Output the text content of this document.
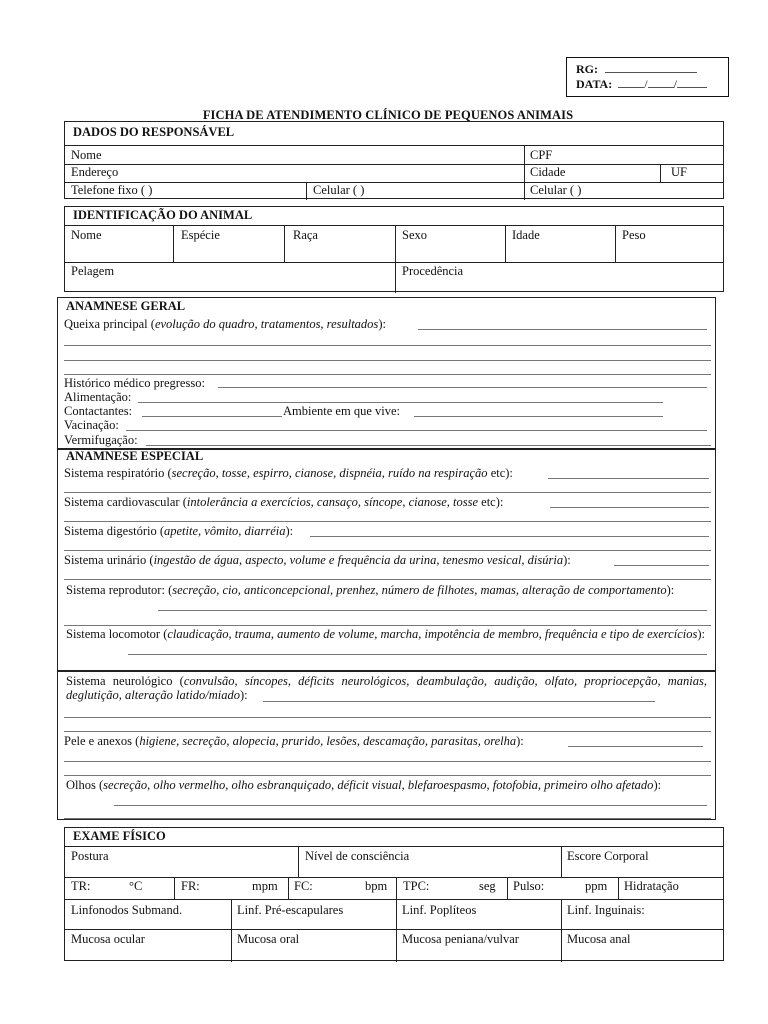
RG:
DATA:	/ /
FICHA DE ATENDIMENTO CLÍNICO DE PEQUENOS ANIMAIS
DADOS DO RESPONSÁVEL
Nome	CPF
Endereço	Cidade	UF
Telefone fixo ( )	Celular ( )	Celular ( )
IDENTIFICAÇÃO DO ANIMAL
Nome	Espécie	Raça	Sexo	Idade	Peso
Pelagem	Procedência
ANAMNESE GERAL
Queixa principal (evolução do quadro, tratamentos, resultados):
Histórico médico pregresso:
Alimentação:
Contactantes:	Ambiente em que vive:
Vacinação:
Vermifugação:
ANAMNESE ESPECIAL
Sistema respiratório (secreção, tosse, espirro, cianose, dispnéia, ruído na respiração etc):
Sistema cardiovascular (intolerância a exercícios, cansaço, síncope, cianose, tosse etc):
Sistema digestório (apetite, vômito, diarréia):
Sistema urinário (ingestão de água, aspecto, volume e frequência da urina, tenesmo vesical, disúria):
Sistema reprodutor: (secreção, cio, anticoncepcional, prenhez, número de filhotes, mamas, alteração de comportamento):
Sistema locomotor (claudicação, trauma, aumento de volume, marcha, impotência de membro, frequência e tipo de exercícios):
Sistema neurológico (convulsão, síncopes, déficits neurológicos, deambulação, audição, olfato, propriocepção, manias, deglutição, alteração latido/miado):
Pele e anexos (higiene, secreção, alopecia, prurido, lesões, descamação, parasitas, orelha):
Olhos (secreção, olho vermelho, olho esbranquiçado, déficit visual, blefaroespasmo, fotofobia, primeiro olho afetado):
EXAME FÍSICO
Postura	Nível de consciência	Escore Corporal
TR:	°C	FR:	mpm FC:	bpm TPC:	seg Pulso:	ppm Hidratação
Linfonodos Submand.	Linf. Pré-escapulares	Linf. Poplíteos	Linf. Inguinais:
Mucosa ocular	Mucosa oral	Mucosa peniana/vulvar	Mucosa anal
